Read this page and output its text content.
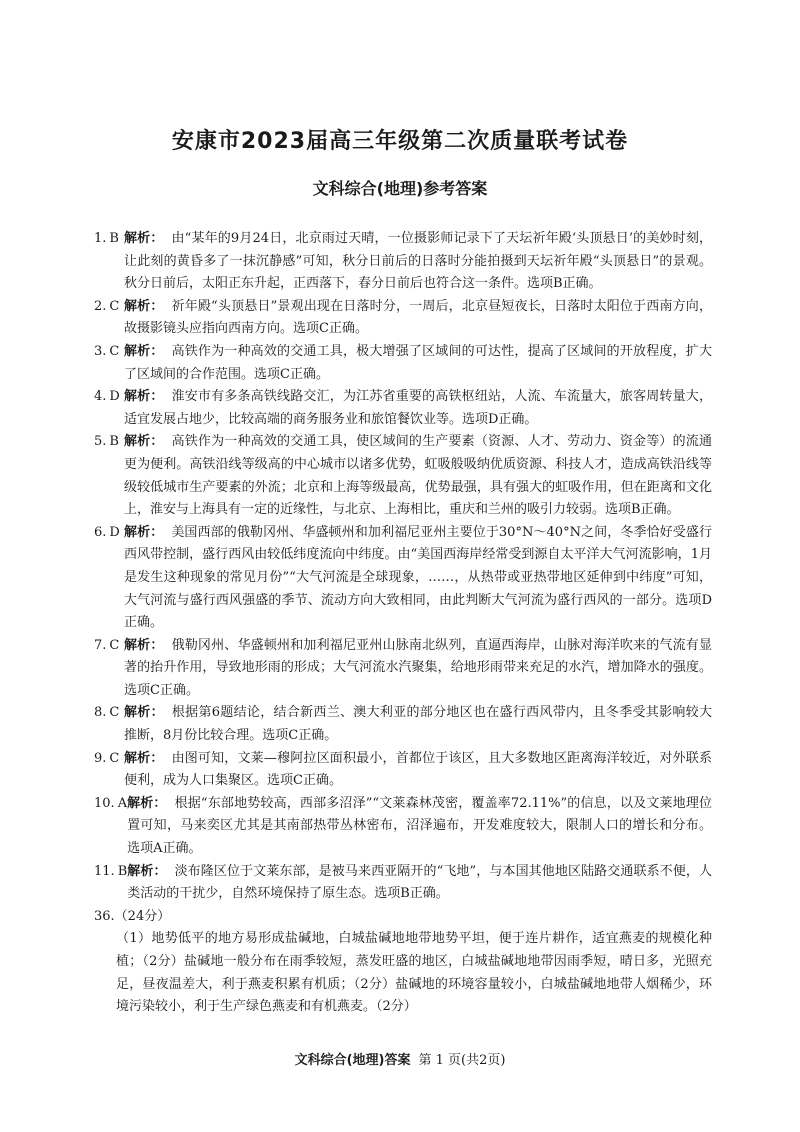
安康市2023届高三年级第二次质量联考试卷
文科综合(地理)参考答案
1. B 解析： 由“某年的9月24日，北京雨过天晴，一位摄影师记录下了天坛祈年殿‘头顶悬日’的美妙时刻，让此刻的黄昏多了一抹沉静感”可知，秋分日前后的日落时分能拍摄到天坛祈年殿“头顶悬日”的景观。秋分日前后，太阳正东升起，正西落下，春分日前后也符合这一条件。选项B正确。
2. C 解析： 祈年殿“头顶悬日”景观出现在日落时分，一周后，北京昼短夜长，日落时太阳位于西南方向，故摄影镜头应指向西南方向。选项C正确。
3. C 解析： 高铁作为一种高效的交通工具，极大增强了区域间的可达性，提高了区域间的开放程度，扩大了区域间的合作范围。选项C正确。
4. D 解析： 淮安市有多条高铁线路交汇，为江苏省重要的高铁枢纽站，人流、车流量大，旅客周转量大，适宜发展占地少，比较高端的商务服务业和旅馆餐饮业等。选项D正确。
5. B 解析： 高铁作为一种高效的交通工具，使区域间的生产要素（资源、人才、劳动力、资金等）的流通更为便利。高铁沿线等级高的中心城市以诸多优势，虹吸般吸纳优质资源、科技人才，造成高铁沿线等级较低城市生产要素的外流；北京和上海等级最高，优势最强，具有强大的虹吸作用，但在距离和文化上，淮安与上海具有一定的近缘性，与北京、上海相比，重庆和兰州的吸引力较弱。选项B正确。
6. D 解析： 美国西部的俄勒冈州、华盛顿州和加利福尼亚州主要位于30°N～40°N之间，冬季恰好受盛行西风带控制，盛行西风由较低纬度流向中纬度。由“美国西海岸经常受到源自太平洋大气河流影响，1月是发生这种现象的常见月份”“大气河流是全球现象，……，从热带或亚热带地区延伸到中纬度”可知，大气河流与盛行西风强盛的季节、流动方向大致相同，由此判断大气河流为盛行西风的一部分。选项D正确。
7. C 解析： 俄勒冈州、华盛顿州和加利福尼亚州山脉南北纵列，直逼西海岸，山脉对海洋吹来的气流有显著的抬升作用，导致地形雨的形成；大气河流水汽聚集，给地形雨带来充足的水汽，增加降水的强度。选项C正确。
8. C 解析： 根据第6题结论，结合新西兰、澳大利亚的部分地区也在盛行西风带内，且冬季受其影响较大推断，8月份比较合理。选项C正确。
9. C 解析： 由图可知，文莱—穆阿拉区面积最小，首都位于该区，且大多数地区距离海洋较近，对外联系便利，成为人口集聚区。选项C正确。
10. A 解析： 根据“东部地势较高，西部多沼泽”“文莱森林茂密，覆盖率72.11%”的信息，以及文莱地理位置可知，马来奕区尤其是其南部热带丛林密布，沼泽遍布，开发难度较大，限制人口的增长和分布。选项A正确。
11. B 解析： 淡布隆区位于文莱东部，是被马来西亚隔开的“飞地”，与本国其他地区陆路交通联系不便，人类活动的干扰少，自然环境保持了原生态。选项B正确。
36.（24分）
（1）地势低平的地方易形成盐碱地，白城盐碱地地带地势平坦，便于连片耕作，适宜燕麦的规模化种植；（2分）盐碱地一般分布在雨季较短，蒸发旺盛的地区，白城盐碱地地带因雨季短，晴日多，光照充足，昼夜温差大，利于燕麦积累有机质；（2分）盐碱地的环境容量较小，白城盐碱地地带人烟稀少，环境污染较小，利于生产绿色燕麦和有机燕麦。（2分）
文科综合(地理)答案 第 1 页(共2页)
